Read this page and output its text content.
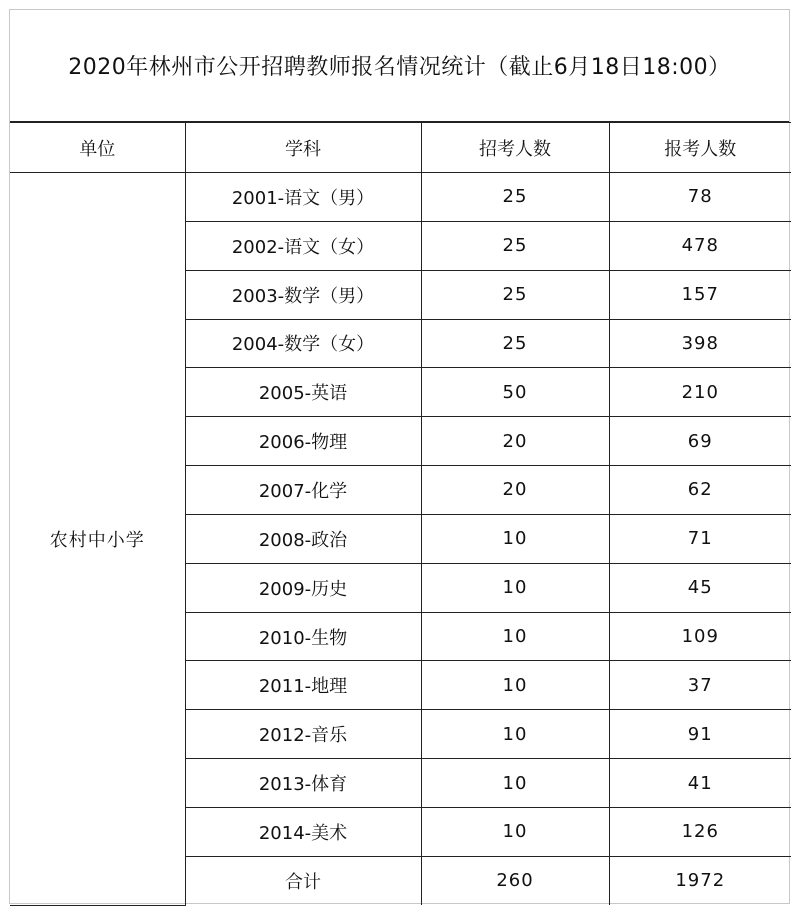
2020年林州市公开招聘教师报名情况统计（截止6月18日18:00）
单位	学科	招考人数	报考人数
农村中小学	2001-语文（男）	25	78
	2002-语文（女）	25	478
	2003-数学（男）	25	157
	2004-数学（女）	25	398
	2005-英语	50	210
	2006-物理	20	69
	2007-化学	20	62
	2008-政治	10	71
	2009-历史	10	45
	2010-生物	10	109
	2011-地理	10	37
	2012-音乐	10	91
	2013-体育	10	41
	2014-美术	10	126
	合计	260	1972
